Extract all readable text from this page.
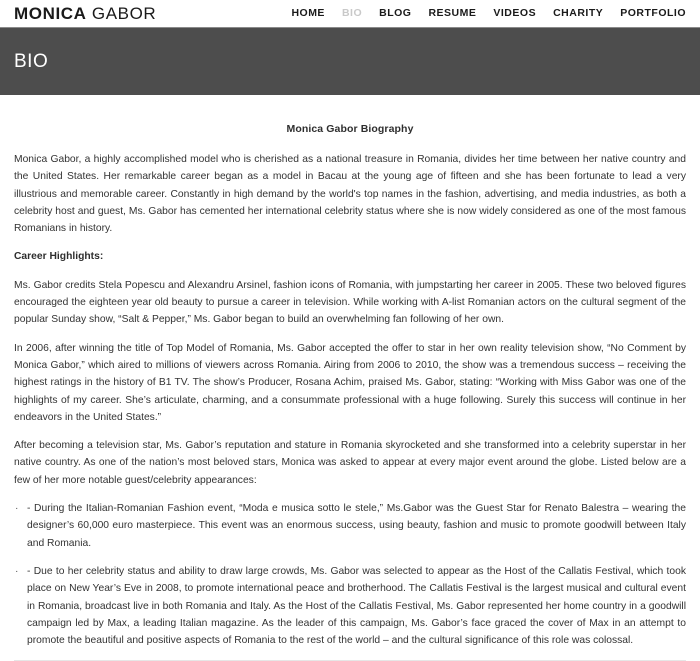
MONICA GABOR	HOME BIO BLOG RESUME VIDEOS CHARITY PORTFOLIO
BIO
Monica Gabor Biography

Monica Gabor, a highly accomplished model who is cherished as a national treasure in Romania, divides her time between her native country and the United States. Her remarkable career began as a model in Bacau at the young age of fifteen and she has been fortunate to lead a very illustrious and memorable career. Constantly in high demand by the world's top names in the fashion, advertising, and media industries, as both a celebrity host and guest, Ms. Gabor has cemented her international celebrity status where she is now widely considered as one of the most famous Romanians in history.

Career Highlights:

Ms. Gabor credits Stela Popescu and Alexandru Arsinel, fashion icons of Romania, with jumpstarting her career in 2005. These two beloved figures encouraged the eighteen year old beauty to pursue a career in television. While working with A-list Romanian actors on the cultural segment of the popular Sunday show, “Salt & Pepper,” Ms. Gabor began to build an overwhelming fan following of her own.

In 2006, after winning the title of Top Model of Romania, Ms. Gabor accepted the offer to star in her own reality television show, “No Comment by Monica Gabor,” which aired to millions of viewers across Romania. Airing from 2006 to 2010, the show was a tremendous success – receiving the highest ratings in the history of B1 TV. The show’s Producer, Rosana Achim, praised Ms. Gabor, stating: “Working with Miss Gabor was one of the highlights of my career. She’s articulate, charming, and a consummate professional with a huge following. Surely this success will continue in her endeavors in the United States.”

After becoming a television star, Ms. Gabor’s reputation and stature in Romania skyrocketed and she transformed into a celebrity superstar in her native country. As one of the nation’s most beloved stars, Monica was asked to appear at every major event around the globe. Listed below are a few of her more notable guest/celebrity appearances:

· - During the Italian-Romanian Fashion event, “Moda e musica sotto le stele,” Ms.Gabor was the Guest Star for Renato Balestra – wearing the designer’s 60,000 euro masterpiece. This event was an enormous success, using beauty, fashion and music to promote goodwill between Italy and Romania.
· - Due to her celebrity status and ability to draw large crowds, Ms. Gabor was selected to appear as the Host of the Callatis Festival, which took place on New Year’s Eve in 2008, to promote international peace and brotherhood. The Callatis Festival is the largest musical and cultural event in Romania, broadcast live in both Romania and Italy. As the Host of the Callatis Festival, Ms. Gabor represented her home country in a goodwill campaign led by Max, a leading Italian magazine. As the leader of this campaign, Ms. Gabor’s face graced the cover of Max in an attempt to promote the beautiful and positive aspects of Romania to the rest of the world – and the cultural significance of this role was colossal.
